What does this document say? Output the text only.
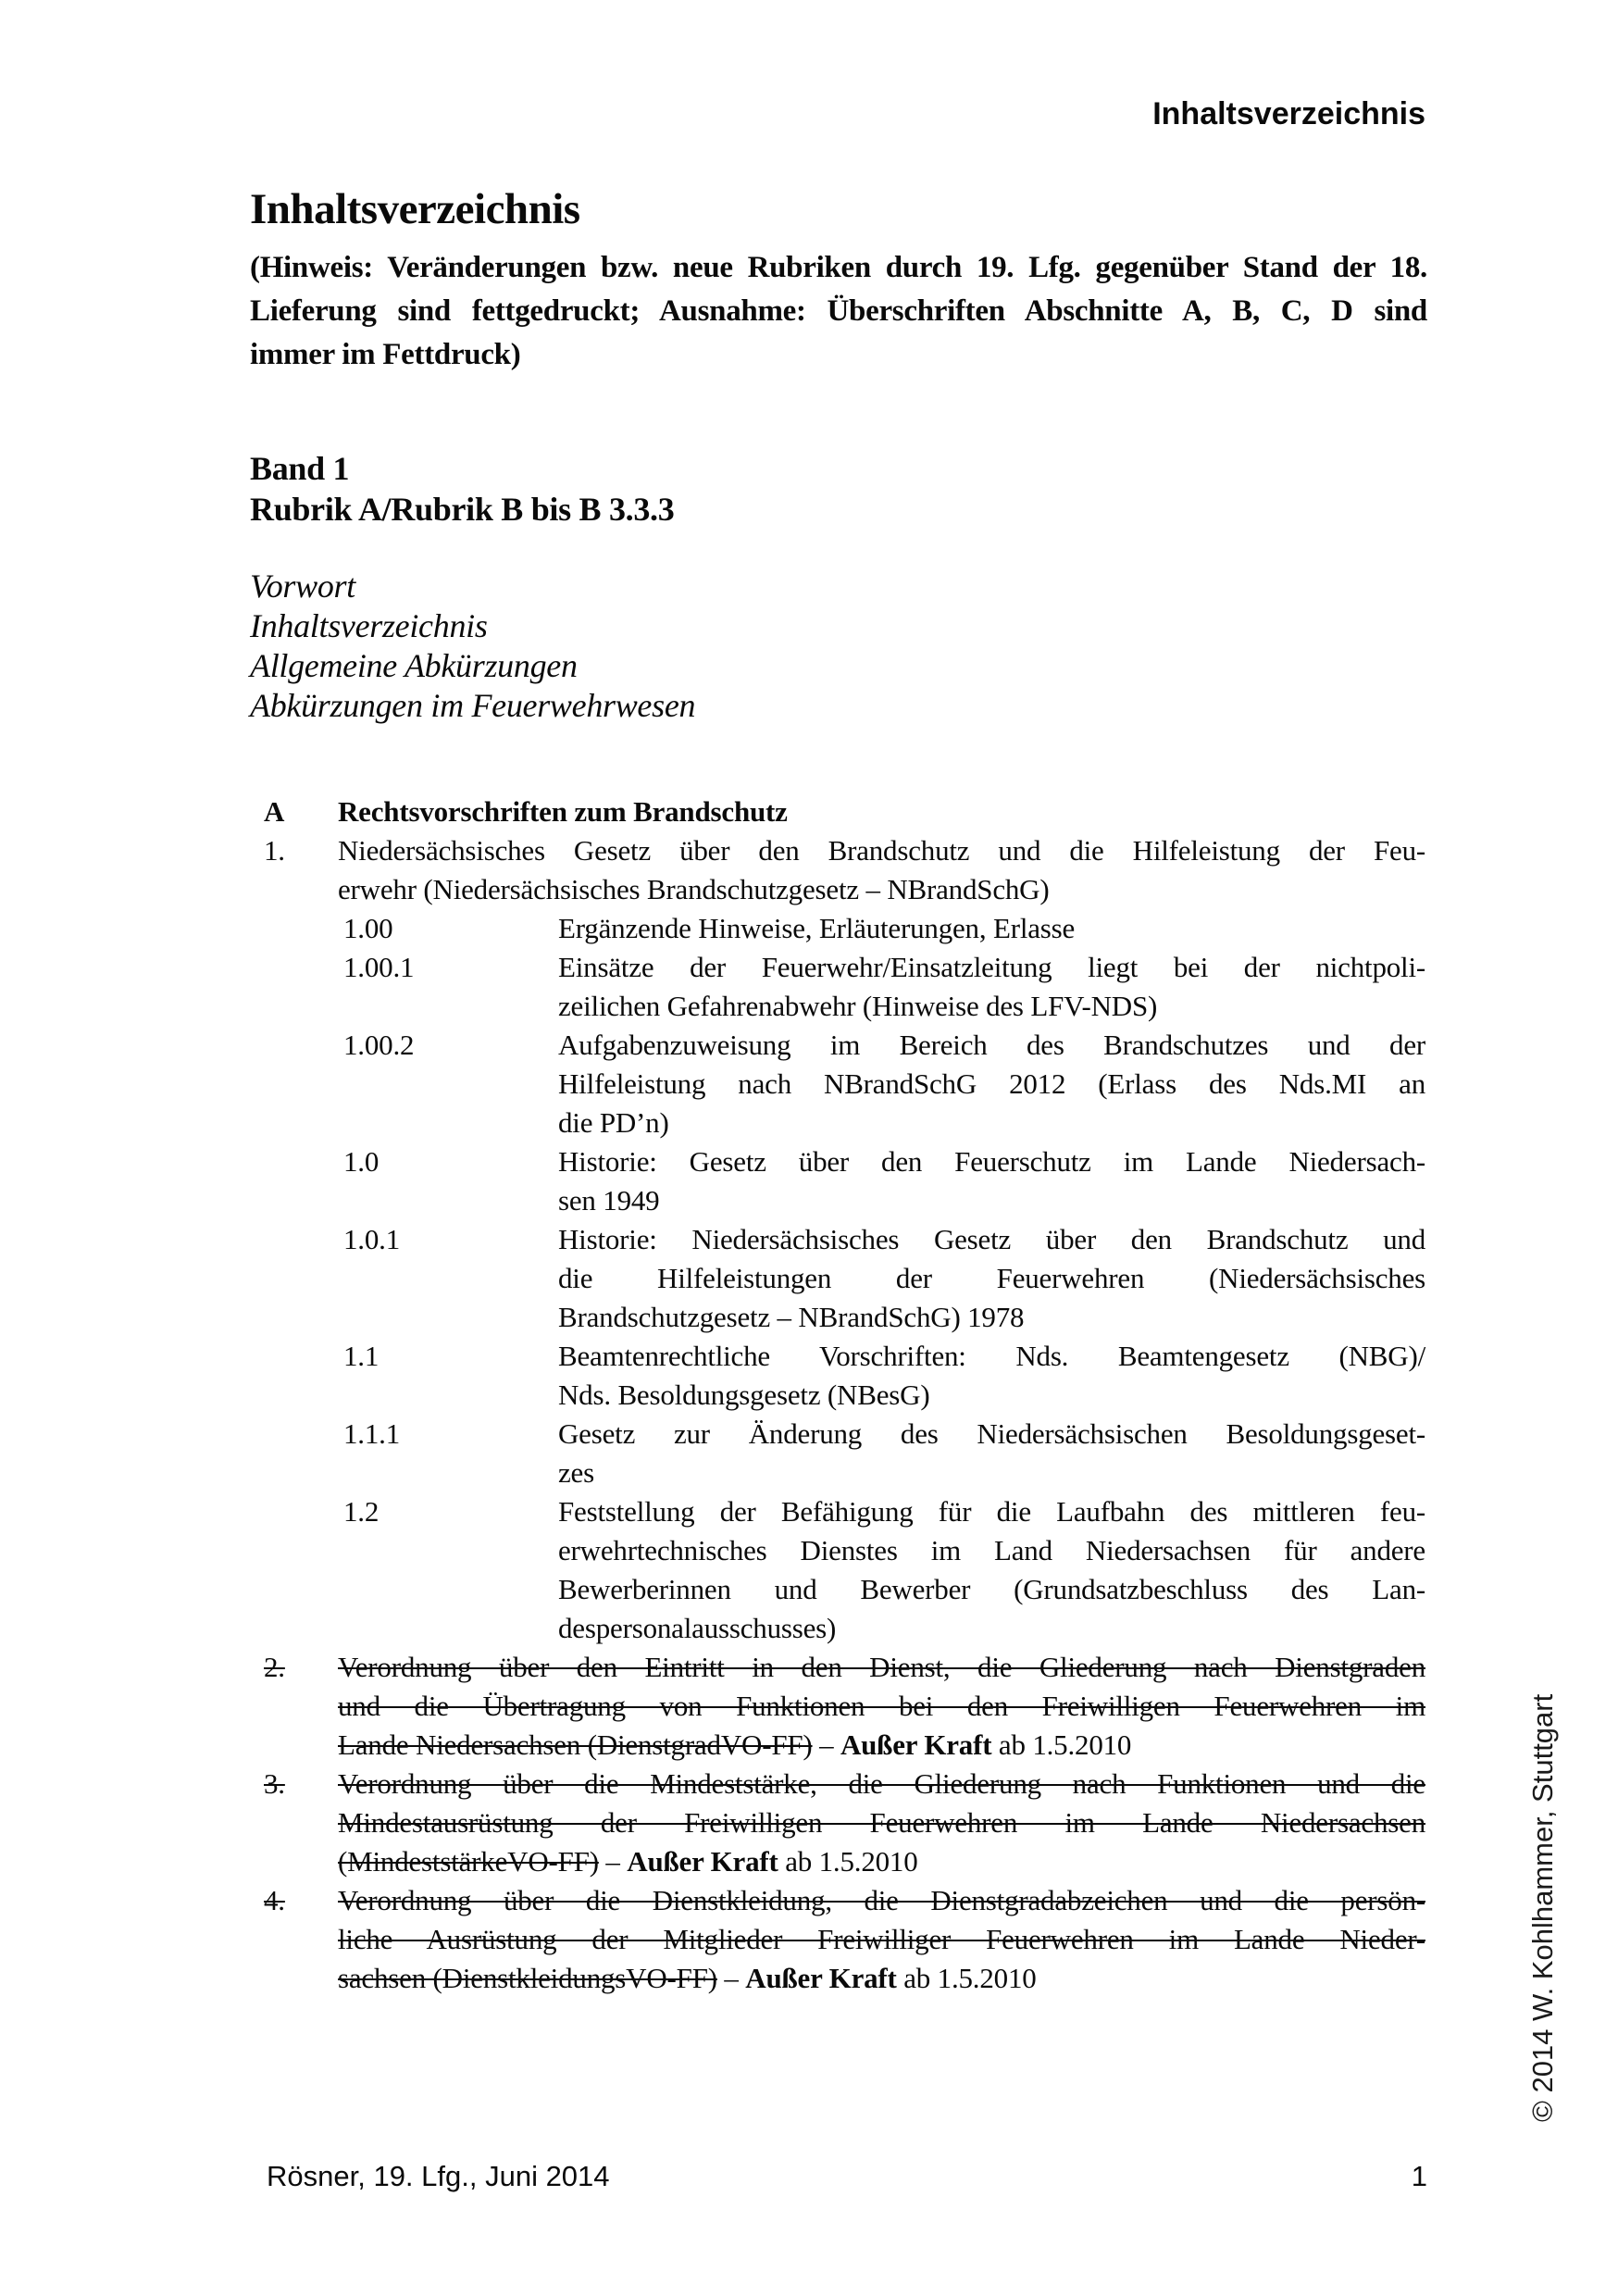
Inhaltsverzeichnis
Inhaltsverzeichnis
(Hinweis: Veränderungen bzw. neue Rubriken durch 19. Lfg. gegenüber Stand der 18.
Lieferung sind fettgedruckt; Ausnahme: Überschriften Abschnitte A, B, C, D sind
immer im Fettdruck)
Band 1
Rubrik A/Rubrik B bis B 3.3.3
Vorwort
Inhaltsverzeichnis
Allgemeine Abkürzungen
Abkürzungen im Feuerwehrwesen
A	Rechtsvorschriften zum Brandschutz
1.	Niedersächsisches Gesetz über den Brandschutz und die Hilfeleistung der Feu-
erwehr (Niedersächsisches Brandschutzgesetz – NBrandSchG)
1.00	Ergänzende Hinweise, Erläuterungen, Erlasse
1.00.1	Einsätze der Feuerwehr/Einsatzleitung liegt bei der nichtpoli-
zeilichen Gefahrenabwehr (Hinweise des LFV-NDS)
1.00.2	Aufgabenzuweisung im Bereich des Brandschutzes und der
Hilfeleistung nach NBrandSchG 2012 (Erlass des Nds.MI an
die PD’n)
1.0	Historie: Gesetz über den Feuerschutz im Lande Niedersach-
sen 1949
1.0.1	Historie: Niedersächsisches Gesetz über den Brandschutz und
die Hilfeleistungen der Feuerwehren (Niedersächsisches
Brandschutzgesetz – NBrandSchG) 1978
1.1	Beamtenrechtliche Vorschriften: Nds. Beamtengesetz (NBG)/
Nds. Besoldungsgesetz (NBesG)
1.1.1	Gesetz zur Änderung des Niedersächsischen Besoldungsgeset-
zes
1.2	Feststellung der Befähigung für die Laufbahn des mittleren feu-
erwehrtechnisches Dienstes im Land Niedersachsen für andere
Bewerberinnen und Bewerber (Grundsatzbeschluss des Lan-
despersonalausschusses)
2.	Verordnung über den Eintritt in den Dienst, die Gliederung nach Dienstgraden
und die Übertragung von Funktionen bei den Freiwilligen Feuerwehren im
Lande Niedersachsen (DienstgradVO-FF) – Außer Kraft ab 1.5.2010
3.	Verordnung über die Mindeststärke, die Gliederung nach Funktionen und die
Mindestausrüstung der Freiwilligen Feuerwehren im Lande Niedersachsen
(MindeststärkeVO-FF) – Außer Kraft ab 1.5.2010
4.	Verordnung über die Dienstkleidung, die Dienstgradabzeichen und die persön-
liche Ausrüstung der Mitglieder Freiwilliger Feuerwehren im Lande Nieder-
sachsen (DienstkleidungsVO-FF) – Außer Kraft ab 1.5.2010
Rösner, 19. Lfg., Juni 2014	1
© 2014 W. Kohlhammer, Stuttgart
